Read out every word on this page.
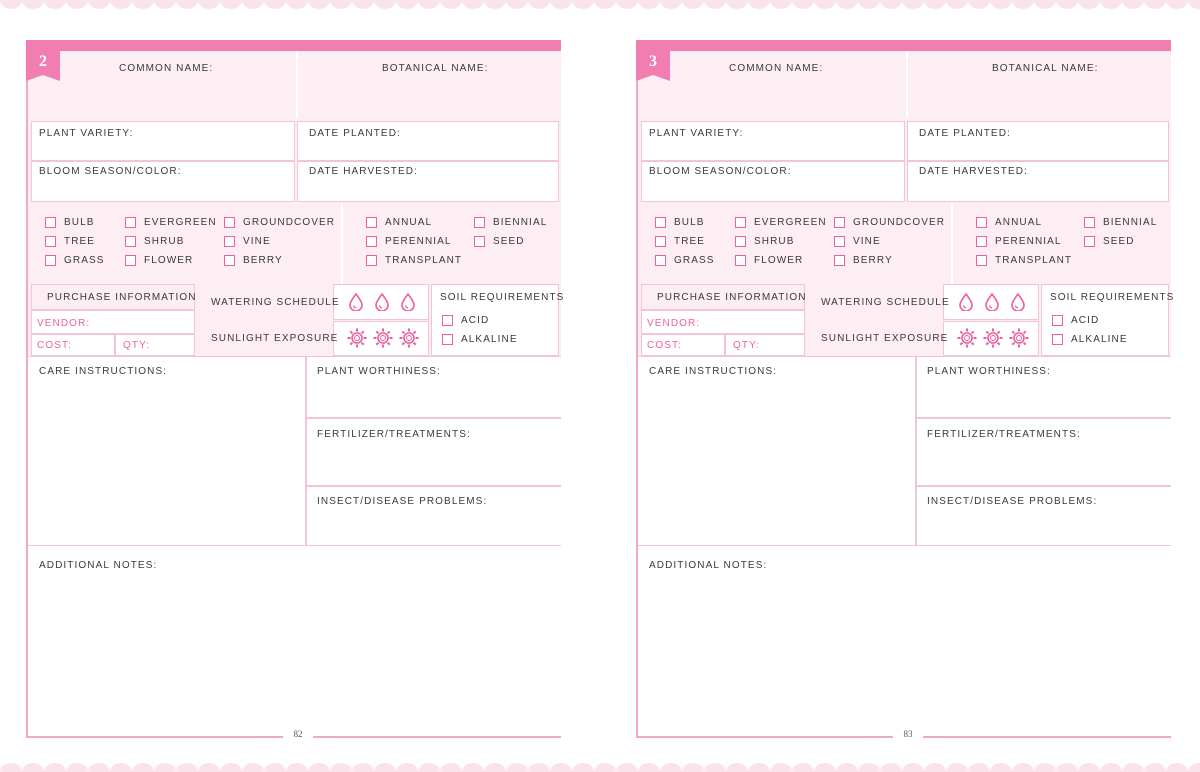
2	COMMON NAME:	BOTANICAL NAME:
PLANT VARIETY:	DATE PLANTED:
BLOOM SEASON/COLOR:	DATE HARVESTED:
BULB	EVERGREEN	GROUNDCOVER
TREE	SHRUB	VINE
GRASS	FLOWER	BERRY
ANNUAL	BIENNIAL
PERENNIAL	SEED
TRANSPLANT
PURCHASE INFORMATION
VENDOR:
COST:	QTY:
WATERING SCHEDULE
SUNLIGHT EXPOSURE
SOIL REQUIREMENTS
ACID
ALKALINE
CARE INSTRUCTIONS:	PLANT WORTHINESS:
FERTILIZER/TREATMENTS:
INSECT/DISEASE PROBLEMS:
ADDITIONAL NOTES:
82
3	COMMON NAME:	BOTANICAL NAME:
PLANT VARIETY:	DATE PLANTED:
BLOOM SEASON/COLOR:	DATE HARVESTED:
BULB	EVERGREEN	GROUNDCOVER
TREE	SHRUB	VINE
GRASS	FLOWER	BERRY
ANNUAL	BIENNIAL
PERENNIAL	SEED
TRANSPLANT
PURCHASE INFORMATION
VENDOR:
COST:	QTY:
WATERING SCHEDULE
SUNLIGHT EXPOSURE
SOIL REQUIREMENTS
ACID
ALKALINE
CARE INSTRUCTIONS:	PLANT WORTHINESS:
FERTILIZER/TREATMENTS:
INSECT/DISEASE PROBLEMS:
ADDITIONAL NOTES:
83
